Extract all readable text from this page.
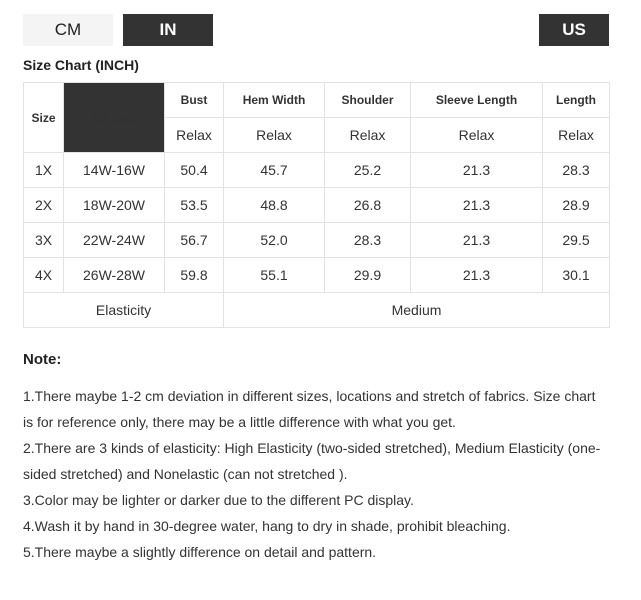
CM	IN	US
Size Chart (INCH)
Size	US Size	Bust	Hem Width	Shoulder	Sleeve Length	Length
		Relax	Relax	Relax	Relax	Relax
1X	14W-16W	50.4	45.7	25.2	21.3	28.3
2X	18W-20W	53.5	48.8	26.8	21.3	28.9
3X	22W-24W	56.7	52.0	28.3	21.3	29.5
4X	26W-28W	59.8	55.1	29.9	21.3	30.1
Elasticity			Medium			
Note:

1.There maybe 1-2 cm deviation in different sizes, locations and stretch of fabrics. Size chart is for reference only, there may be a little difference with what you get.

2.There are 3 kinds of elasticity: High Elasticity (two-sided stretched), Medium Elasticity (one-sided stretched) and Nonelastic (can not stretched ).

3.Color may be lighter or darker due to the different PC display.

4.Wash it by hand in 30-degree water, hang to dry in shade, prohibit bleaching.

5.There maybe a slightly difference on detail and pattern.
